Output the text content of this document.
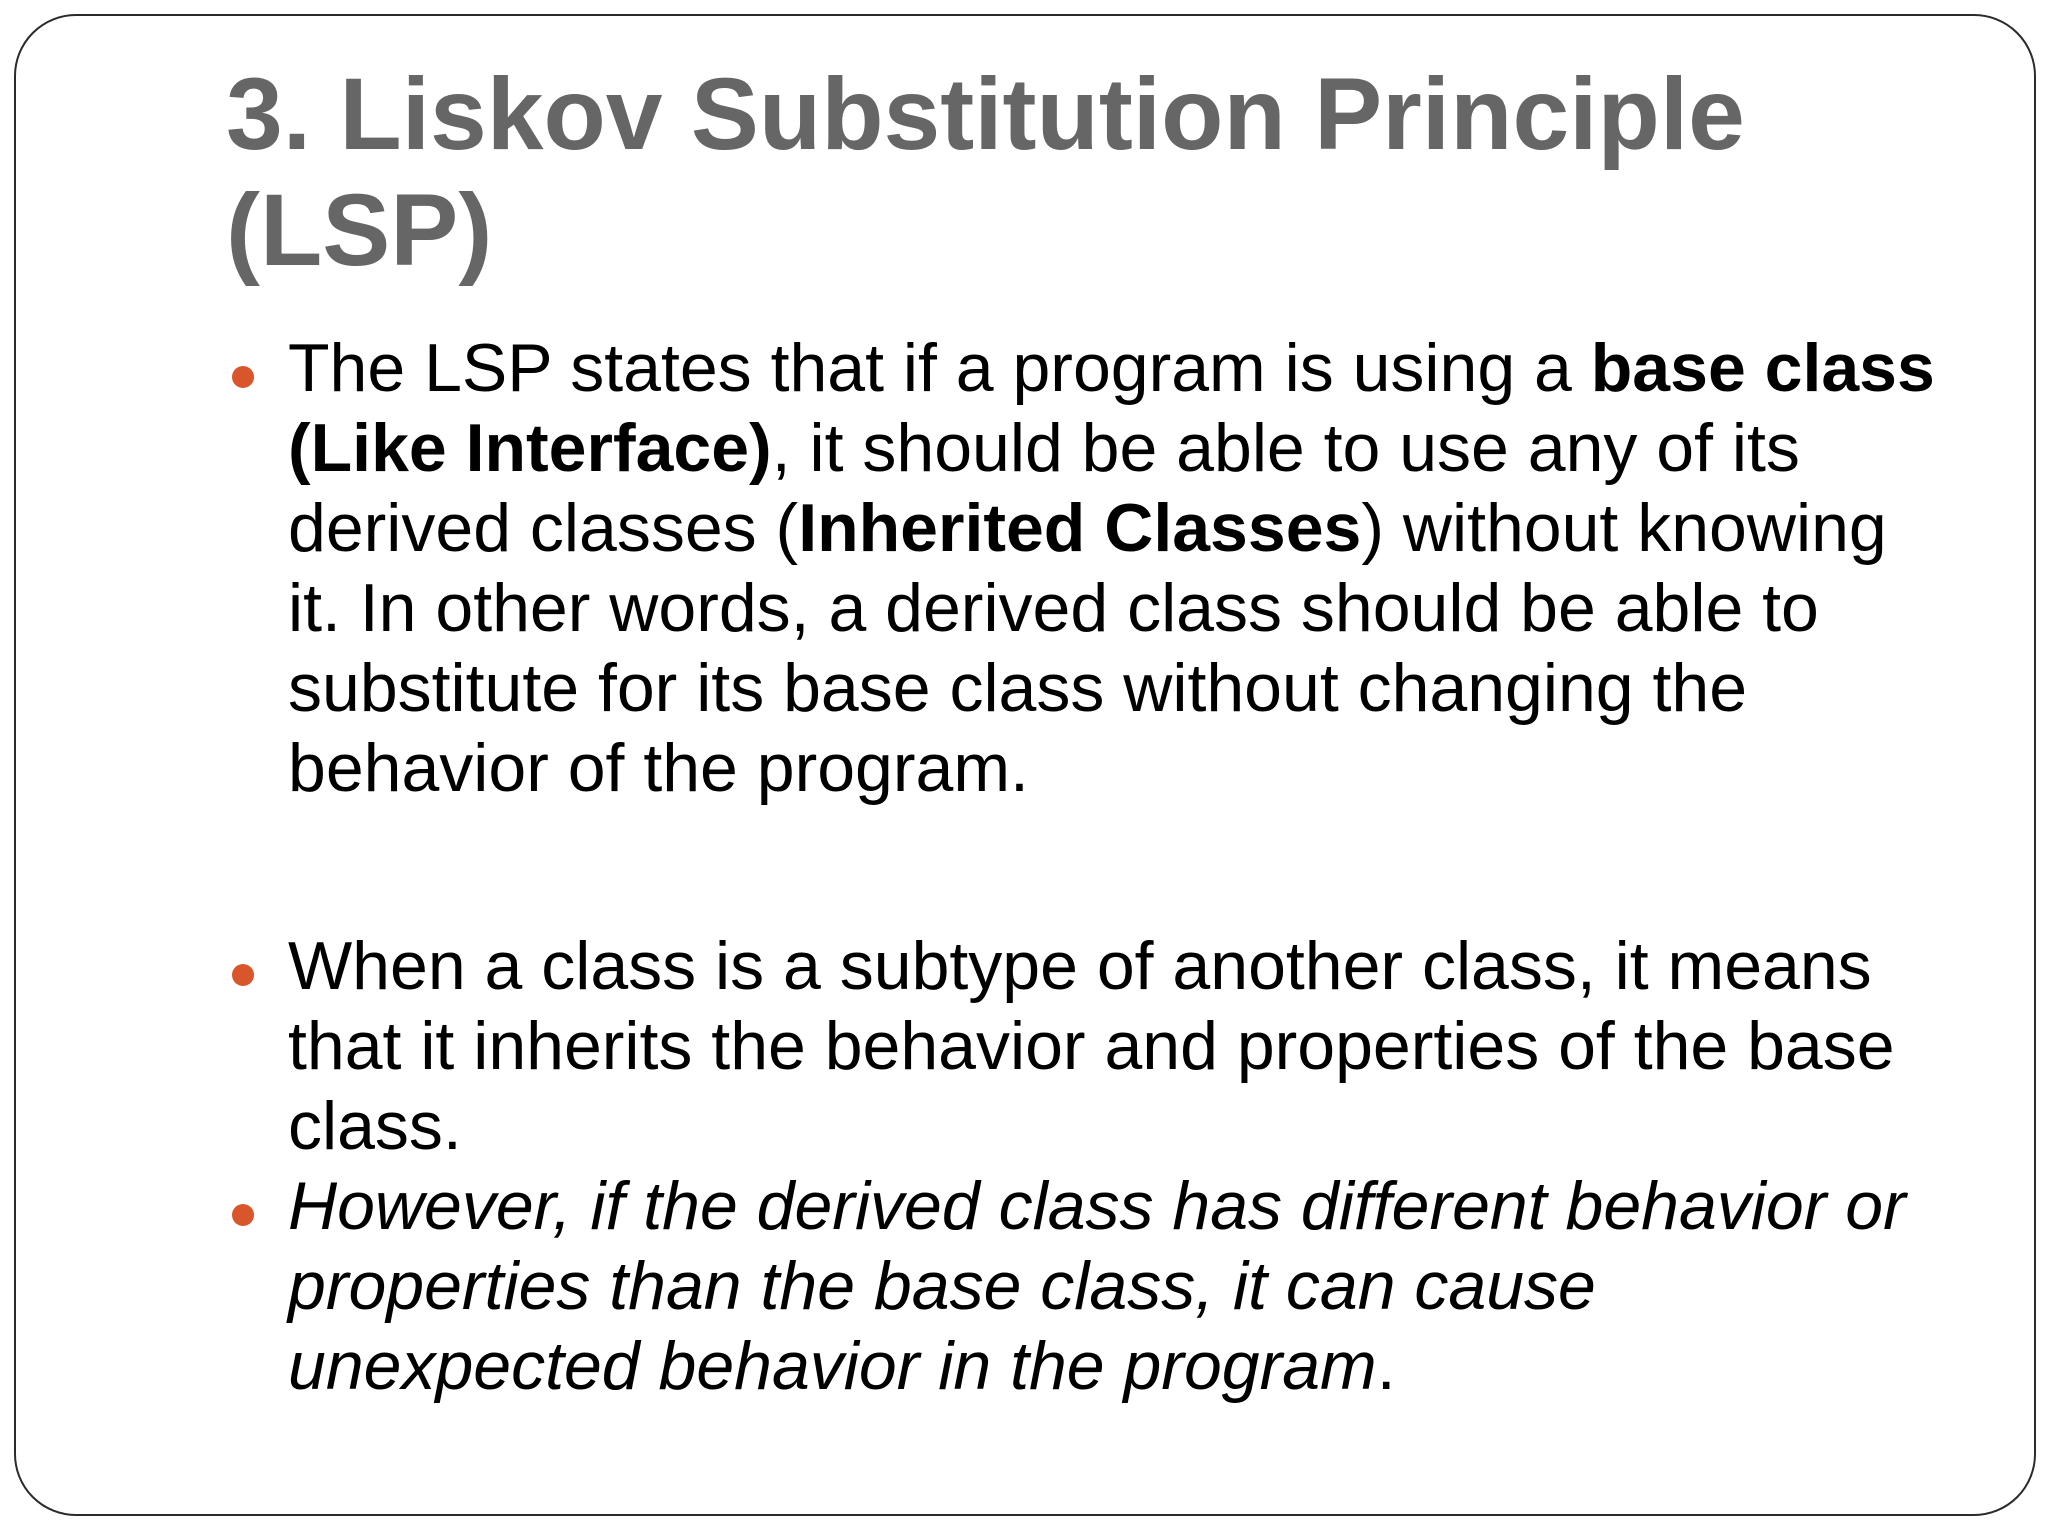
3. Liskov Substitution Principle (LSP)
The LSP states that if a program is using a base class (Like Interface), it should be able to use any of its derived classes (Inherited Classes) without knowing it. In other words, a derived class should be able to substitute for its base class without changing the behavior of the program.
When a class is a subtype of another class, it means that it inherits the behavior and properties of the base class.
However, if the derived class has different behavior or properties than the base class, it can cause unexpected behavior in the program.
